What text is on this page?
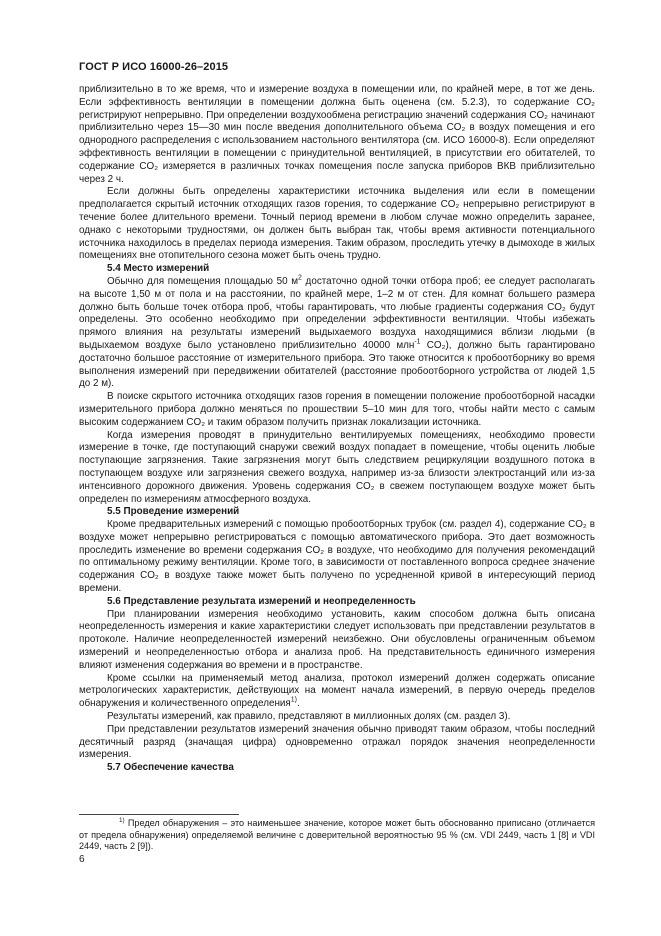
ГОСТ Р ИСО 16000-26–2015

приблизительно в то же время, что и измерение воздуха в помещении или, по крайней мере, в тот же день. Если эффективность вентиляции в помещении должна быть оценена (см. 5.2.3), то содержание CO₂ регистрируют непрерывно. При определении воздухообмена регистрацию значений содержания CO₂ начинают приблизительно через 15—30 мин после введения дополнительного объема CO₂ в воздух помещения и его однородного распределения с использованием настольного вентилятора (см. ИСО 16000-8). Если определяют эффективность вентиляции в помещении с принудительной вентиляцией, в присутствии его обитателей, то содержание CO₂ измеряется в различных точках помещения после запуска приборов ВКВ приблизительно через 2 ч.

Если должны быть определены характеристики источника выделения или если в помещении предполагается скрытый источник отходящих газов горения, то содержание CO₂ непрерывно регистрируют в течение более длительного времени. Точный период времени в любом случае можно определить заранее, однако с некоторыми трудностями, он должен быть выбран так, чтобы время активности потенциального источника находилось в пределах периода измерения. Таким образом, проследить утечку в дымоходе в жилых помещениях вне отопительного сезона может быть очень трудно.

5.4 Место измерений

Обычно для помещения площадью 50 $м^2$ достаточно одной точки отбора проб; ее следует располагать на высоте 1,50 м от пола и на расстоянии, по крайней мере, 1–2 м от стен. Для комнат большего размера должно быть больше точек отбора проб, чтобы гарантировать, что любые градиенты содержания CO₂ будут определены. Это особенно необходимо при определении эффективности вентиляции. Чтобы избежать прямого влияния на результаты измерений выдыхаемого воздуха находящимися вблизи людьми (в выдыхаемом воздухе было установлено приблизительно 40000 млн$^{-1}$ CO₂), должно быть гарантировано достаточно большое расстояние от измерительного прибора. Это также относится к пробоотборнику во время выполнения измерений при передвижении обитателей (расстояние пробоотборного устройства от людей 1,5 до 2 м).

В поиске скрытого источника отходящих газов горения в помещении положение пробоотборной насадки измерительного прибора должно меняться по прошествии 5–10 мин для того, чтобы найти место с самым высоким содержанием CO₂ и таким образом получить признак локализации источника.

Когда измерения проводят в принудительно вентилируемых помещениях, необходимо провести измерение в точке, где поступающий снаружи свежий воздух попадает в помещение, чтобы оценить любые поступающие загрязнения. Такие загрязнения могут быть следствием рециркуляции воздушного потока в поступающем воздухе или загрязнения свежего воздуха, например из-за близости электростанций или из-за интенсивного дорожного движения. Уровень содержания CO₂ в свежем поступающем воздухе может быть определен по измерениям атмосферного воздуха.

5.5 Проведение измерений

Кроме предварительных измерений с помощью пробоотборных трубок (см. раздел 4), содержание CO₂ в воздухе может непрерывно регистрироваться с помощью автоматического прибора. Это дает возможность проследить изменение во времени содержания CO₂ в воздухе, что необходимо для получения рекомендаций по оптимальному режиму вентиляции. Кроме того, в зависимости от поставленного вопроса среднее значение содержания CO₂ в воздухе также может быть получено по усредненной кривой в интересующий период времени.

5.6 Представление результата измерений и неопределенность

При планировании измерения необходимо установить, каким способом должна быть описана неопределенность измерения и какие характеристики следует использовать при представлении результатов в протоколе. Наличие неопределенностей измерений неизбежно. Они обусловлены ограниченным объемом измерений и неопределенностью отбора и анализа проб. На представительность единичного измерения влияют изменения содержания во времени и в пространстве.

Кроме ссылки на применяемый метод анализа, протокол измерений должен содержать описание метрологических характеристик, действующих на момент начала измерений, в первую очередь пределов обнаружения и количественного определения$^{1)}$.

Результаты измерений, как правило, представляют в миллионных долях (см. раздел 3).

При представлении результатов измерений значения обычно приводят таким образом, чтобы последний десятичный разряд (значащая цифра) одновременно отражал порядок значения неопределенности измерения.

5.7 Обеспечение качества
$^{1)}$ Предел обнаружения – это наименьшее значение, которое может быть обоснованно приписано (отличается от предела обнаружения) определяемой величине с доверительной вероятностью 95 % (см. VDI 2449, часть 1 [8] и VDI 2449, часть 2 [9]).
6
